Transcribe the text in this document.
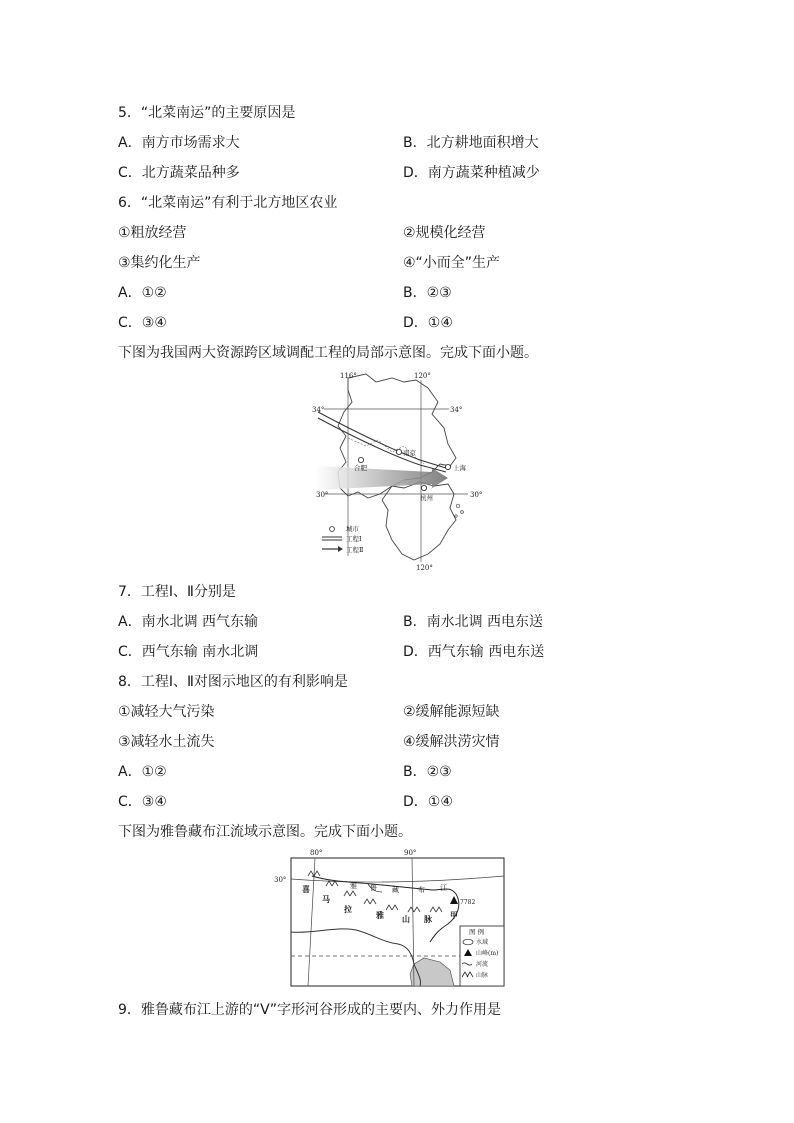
5．“北菜南运”的主要原因是
A．南方市场需求大	B．北方耕地面积增大
C．北方蔬菜品种多	D．南方蔬菜种植减少
6．“北菜南运”有利于北方地区农业
①粗放经营	②规模化经营
③集约化生产	④“小而全”生产
A．①②	B．②③
C．③④	D．①④
下图为我国两大资源跨区域调配工程的局部示意图。完成下面小题。
116°	120°
120°
34°	34°
30°	30°
南京
合肥	上海
杭州
城市
工程Ⅰ
工程Ⅱ
7．工程Ⅰ、Ⅱ分别是
A．南水北调 西气东输	B．南水北调 西电东送
C．西气东输 南水北调	D．西气东输 西电东送
8．工程Ⅰ、Ⅱ对图示地区的有利影响是
①减轻大气污染	②缓解能源短缺
③减轻水土流失	④缓解洪涝灾情
A．①②	B．②③
C．③④	D．①④
下图为雅鲁藏布江流域示意图。完成下面小题。
80°	90°
30°
7782
甲
雅 鲁 藏	布 江
喜
马
拉
雅 山 脉
图 例
水域
山峰(m)
河流
山脉
9．雅鲁藏布江上游的“V”字形河谷形成的主要内、外力作用是
